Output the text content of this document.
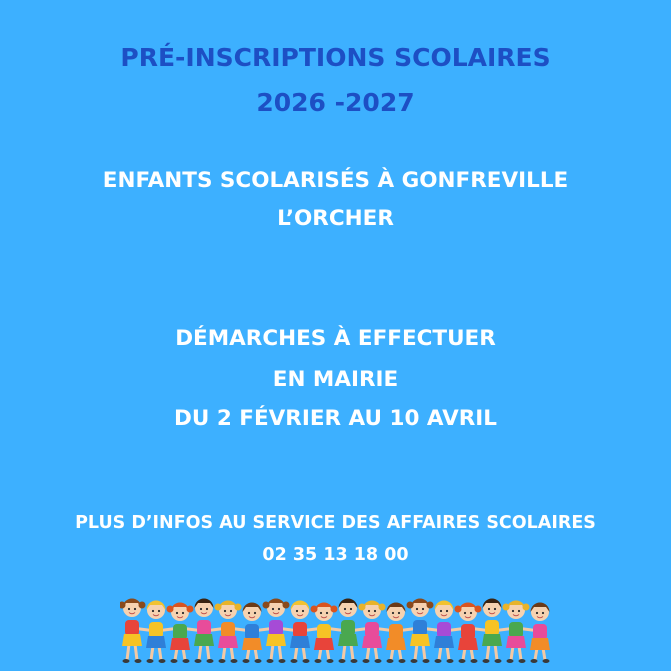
PRÉ-INSCRIPTIONS SCOLAIRES
2026 -2027
ENFANTS SCOLARISÉS À GONFREVILLE
L’ORCHER
DÉMARCHES À EFFECTUER
EN MAIRIE
DU 2 FÉVRIER AU 10 AVRIL
PLUS D’INFOS AU SERVICE DES AFFAIRES SCOLAIRES
02 35 13 18 00
